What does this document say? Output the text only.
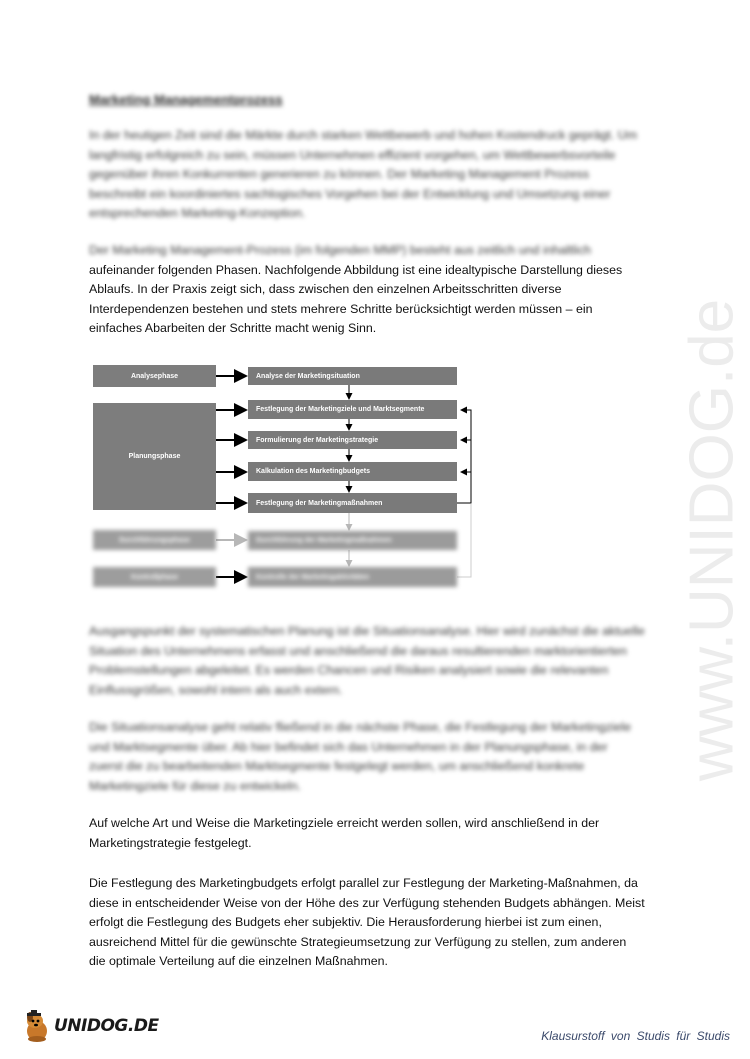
www.UNIDOG.de
Marketing Managementprozess
In der heutigen Zeit sind die Märkte durch starken Wettbewerb und hohen Kostendruck geprägt. Um
langfristig erfolgreich zu sein, müssen Unternehmen effizient vorgehen, um Wettbewerbsvorteile
gegenüber ihren Konkurrenten generieren zu können. Der Marketing Management Prozess
beschreibt ein koordiniertes sachlogisches Vorgehen bei der Entwicklung und Umsetzung einer
entsprechenden Marketing-Konzeption.
Der Marketing Management-Prozess (im folgenden MMP) besteht aus zeitlich und inhaltlich
aufeinander folgenden Phasen. Nachfolgende Abbildung ist eine idealtypische Darstellung dieses
Ablaufs. In der Praxis zeigt sich, dass zwischen den einzelnen Arbeitsschritten diverse
Interdependenzen bestehen und stets mehrere Schritte berücksichtigt werden müssen – ein
einfaches Abarbeiten der Schritte macht wenig Sinn.
Analysephase
Planungsphase
Durchführungsphase
Kontrollphase
Analyse der Marketingsituation
Festlegung der Marketingziele und Marktsegmente
Formulierung der Marketingstrategie
Kalkulation des Marketingbudgets
Festlegung der Marketingmaßnahmen
Durchführung der Marketingmaßnahmen
Kontrolle der Marketingaktivitäten
Ausgangspunkt der systematischen Planung ist die Situationsanalyse. Hier wird zunächst die aktuelle
Situation des Unternehmens erfasst und anschließend die daraus resultierenden marktorientierten
Problemstellungen abgeleitet. Es werden Chancen und Risiken analysiert sowie die relevanten
Einflussgrößen, sowohl intern als auch extern.
Die Situationsanalyse geht relativ fließend in die nächste Phase, die Festlegung der Marketingziele
und Marktsegmente über. Ab hier befindet sich das Unternehmen in der Planungsphase, in der
zuerst die zu bearbeitenden Marktsegmente festgelegt werden, um anschließend konkrete
Marketingziele für diese zu entwickeln.
Auf welche Art und Weise die Marketingziele erreicht werden sollen, wird anschließend in der
Marketingstrategie festgelegt.
Die Festlegung des Marketingbudgets erfolgt parallel zur Festlegung der Marketing-Maßnahmen, da
diese in entscheidender Weise von der Höhe des zur Verfügung stehenden Budgets abhängen. Meist
erfolgt die Festlegung des Budgets eher subjektiv. Die Herausforderung hierbei ist zum einen,
ausreichend Mittel für die gewünschte Strategieumsetzung zur Verfügung zu stellen, zum anderen
die optimale Verteilung auf die einzelnen Maßnahmen.
UNIDOG.DE	Klausurstoff von Studis für Studis
